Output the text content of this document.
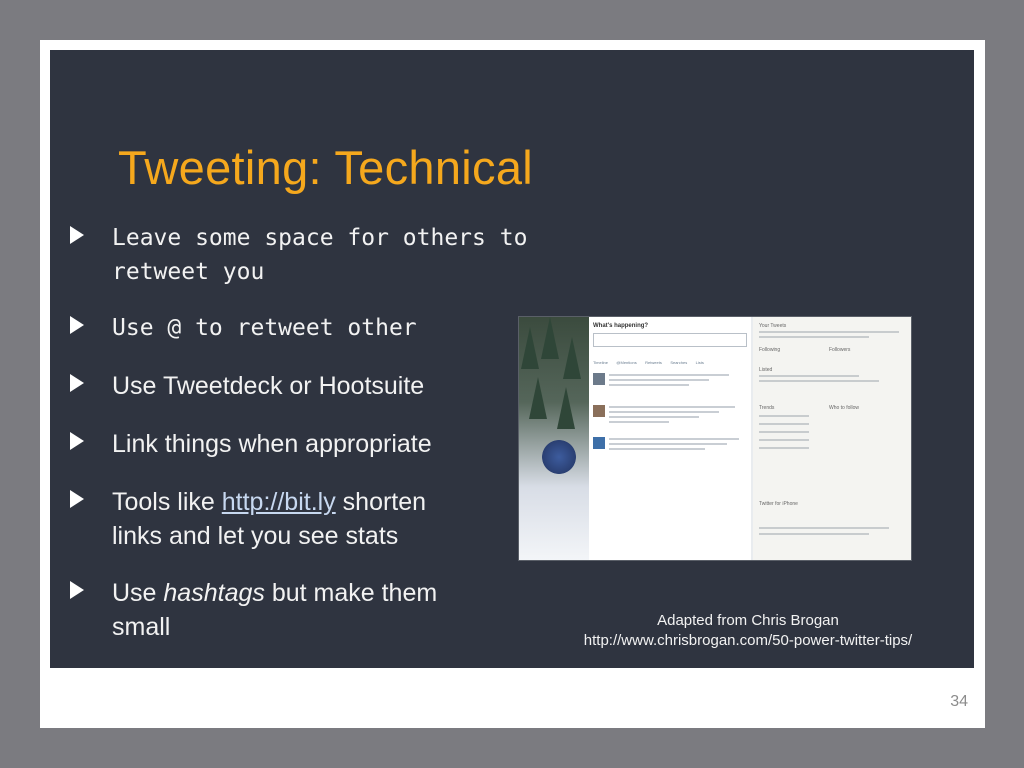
Tweeting: Technical
Leave some space for others to
retweet you
Use @ to retweet other
Use Tweetdeck or Hootsuite
Link things when appropriate
Tools like http://bit.ly shorten
links and let you see stats
Use hashtags but make them
small
What's happening?
Timeline @Mentions Retweets Searches Lists
Your Tweets
Following	Followers
Listed
Trends	Who to follow
Twitter for iPhone
Adapted from Chris Brogan
http://www.chrisbrogan.com/50-power-twitter-tips/
34
